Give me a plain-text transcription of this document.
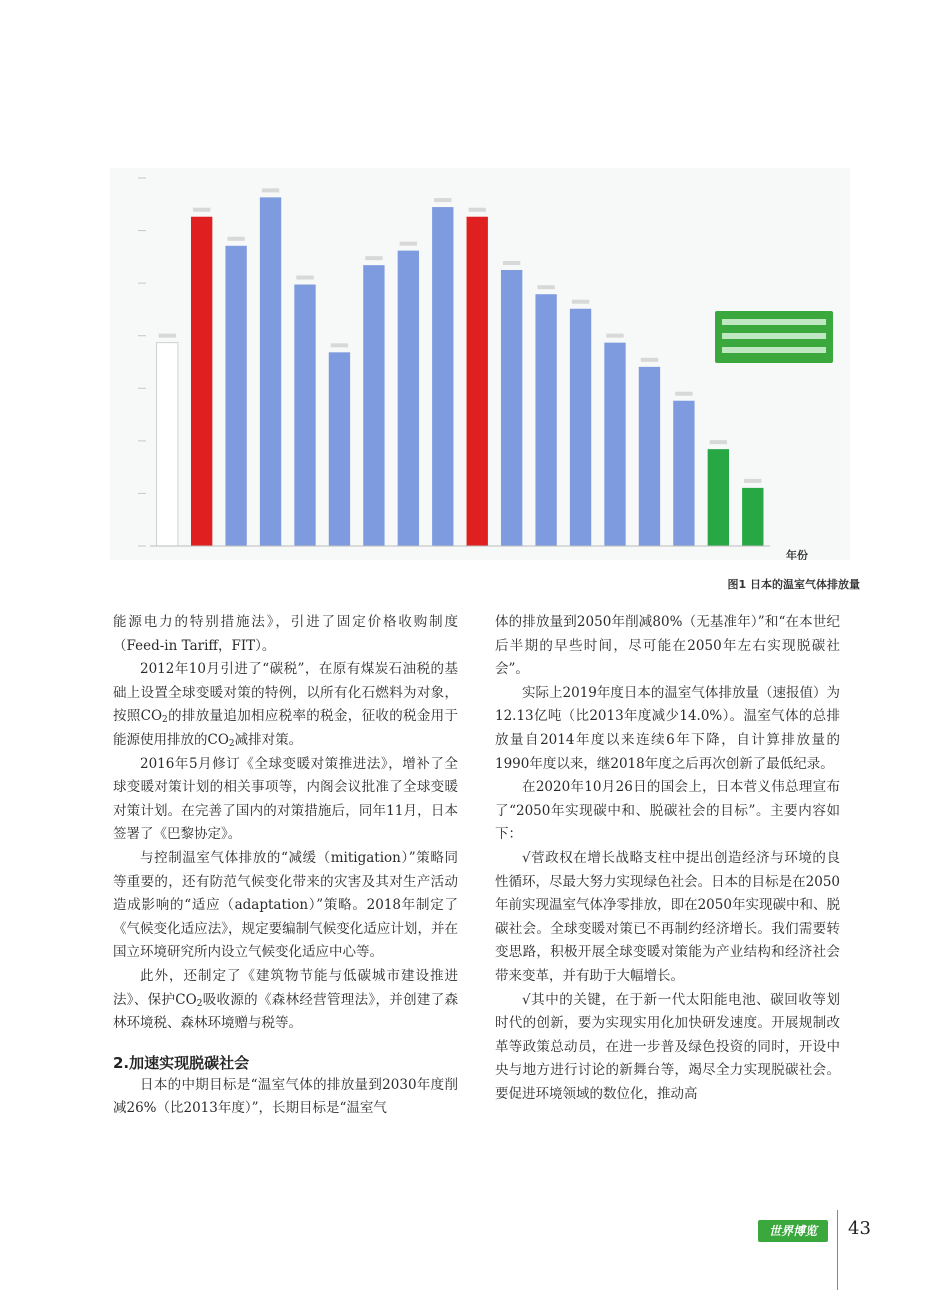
年份
图1 日本的温室气体排放量

能源电力的特别措施法》，引进了固定价格收购制度（Feed-in Tariff，FIT）。

2012年10月引进了“碳税”，在原有煤炭石油税的基础上设置全球变暖对策的特例，以所有化石燃料为对象，按照$CO_2$的排放量追加相应税率的税金，征收的税金用于能源使用排放的$CO_2$减排对策。

2016年5月修订《全球变暖对策推进法》，增补了全球变暖对策计划的相关事项等，内阁会议批准了全球变暖对策计划。在完善了国内的对策措施后，同年11月，日本签署了《巴黎协定》。

与控制温室气体排放的“减缓（mitigation）”策略同等重要的，还有防范气候变化带来的灾害及其对生产活动造成影响的“适应（adaptation）”策略。2018年制定了《气候变化适应法》，规定要编制气候变化适应计划，并在国立环境研究所内设立气候变化适应中心等。

此外，还制定了《建筑物节能与低碳城市建设推进法》、保护$CO_2$吸收源的《森林经营管理法》，并创建了森林环境税、森林环境赠与税等。

2.加速实现脱碳社会

日本的中期目标是“温室气体的排放量到2030年度削减26%（比2013年度）”，长期目标是“温室气

体的排放量到2050年削减80%（无基准年）”和“在本世纪后半期的早些时间，尽可能在2050年左右实现脱碳社会”。

实际上2019年度日本的温室气体排放量（速报值）为12.13亿吨（比2013年度减少14.0%）。温室气体的总排放量自2014年度以来连续6年下降，自计算排放量的1990年度以来，继2018年度之后再次创新了最低纪录。

在2020年10月26日的国会上，日本菅义伟总理宣布了“2050年实现碳中和、脱碳社会的目标”。主要内容如下：

√菅政权在增长战略支柱中提出创造经济与环境的良性循环，尽最大努力实现绿色社会。日本的目标是在2050年前实现温室气体净零排放，即在2050年实现碳中和、脱碳社会。全球变暖对策已不再制约经济增长。我们需要转变思路，积极开展全球变暖对策能为产业结构和经济社会带来变革，并有助于大幅增长。

√其中的关键，在于新一代太阳能电池、碳回收等划时代的创新，要为实现实用化加快研发速度。开展规制改革等政策总动员，在进一步普及绿色投资的同时，开设中央与地方进行讨论的新舞台等，竭尽全力实现脱碳社会。要促进环境领域的数位化，推动高

世界博览	43
